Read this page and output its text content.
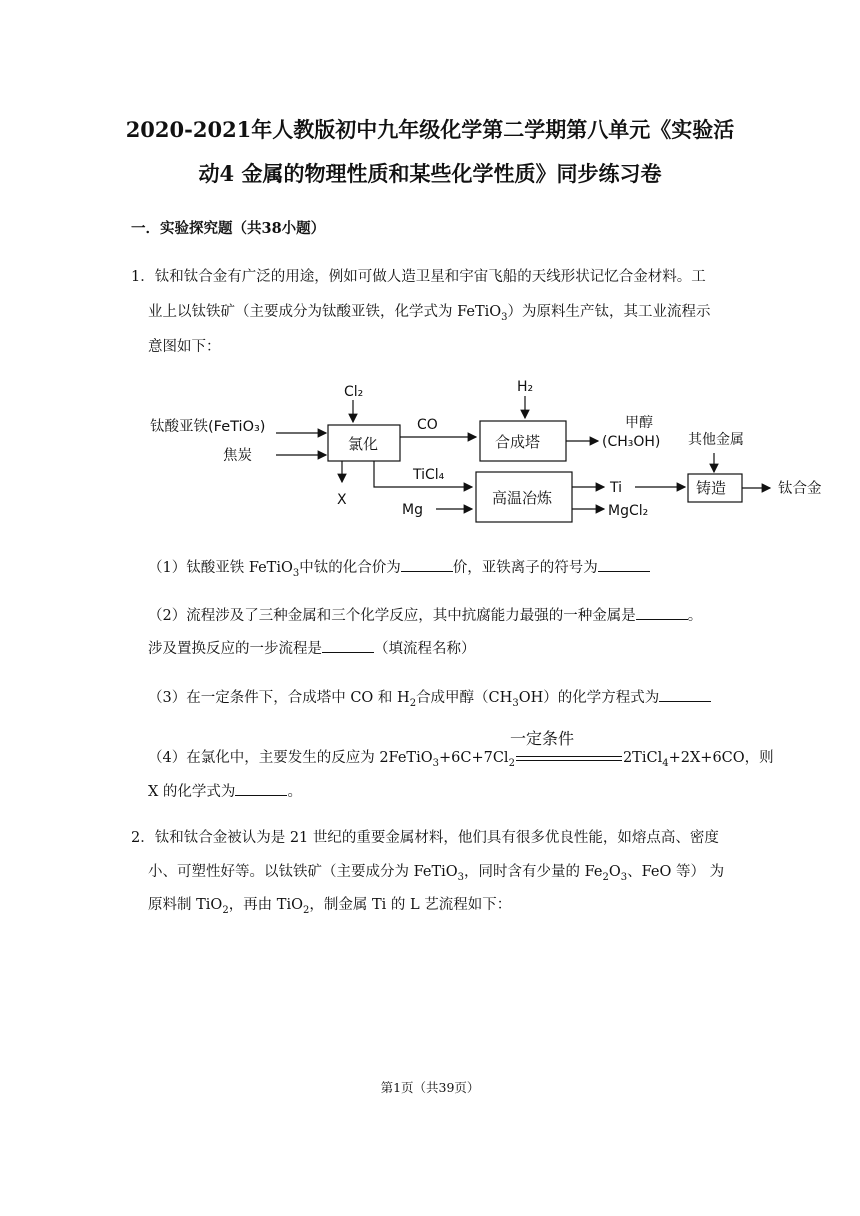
2020-2021年人教版初中九年级化学第二学期第八单元《实验活
动4 金属的物理性质和某些化学性质》同步练习卷
一．实验探究题（共38小题）
1．钛和钛合金有广泛的用途，例如可做人造卫星和宇宙飞船的天线形状记忆合金材料。工
业上以钛铁矿（主要成分为钛酸亚铁，化学式为 FeTiO$_3$）为原料生产钛，其工业流程示
意图如下：
Cl₂	H₂
钛酸亚铁(FeTiO₃)
焦炭
氯化
CO
合成塔
甲醇
(CH₃OH) 其他金属
TiCl₄
X
Mg
高温冶炼
Ti
MgCl₂
铸造	钛合金
（1）钛酸亚铁 FeTiO$_3$中钛的化合价为	价，亚铁离子的符号为
（2）流程涉及了三种金属和三个化学反应，其中抗腐能力最强的一种金属是	。
涉及置换反应的一步流程是	（填流程名称）
（3）在一定条件下，合成塔中 CO 和 $H_2$合成甲醇$(CH_3OH)$的化学方程式为
一定条件
（4）在氯化中，主要发生的反应为 $2FeTiO_3+6C+7Cl_2$	2TiCl$_4$+2X+6CO，则
X 的化学式为	。
2．钛和钛合金被认为是 21 世纪的重要金属材料，他们具有很多优良性能，如熔点高、密度
小、可塑性好等。以钛铁矿（主要成分为 FeTiO$_3$，同时含有少量的 $Fe_2O_3$、FeO 等） 为
原料制 TiO$_2$，再由 TiO$_2$，制金属 Ti 的 L 艺流程如下：
第1页（共39页）
